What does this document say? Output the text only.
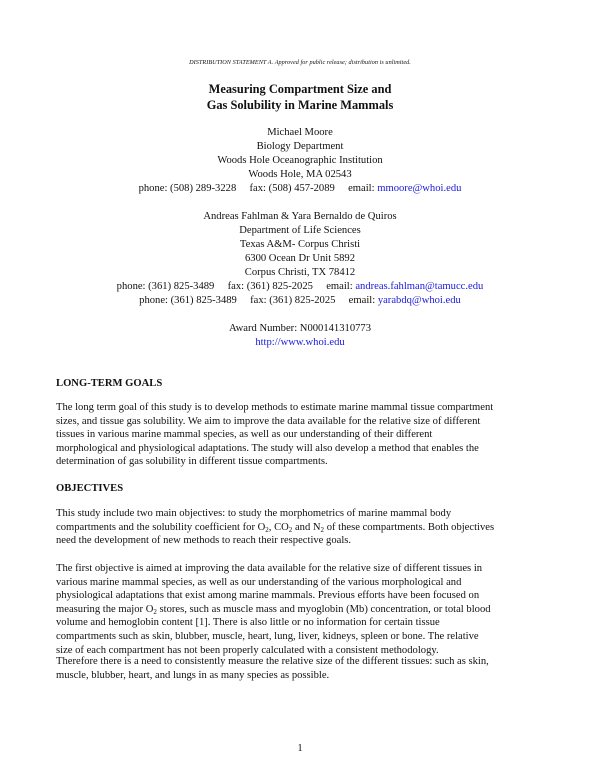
DISTRIBUTION STATEMENT A. Approved for public release; distribution is unlimited.
Measuring Compartment Size and
Gas Solubility in Marine Mammals
Michael Moore
Biology Department
Woods Hole Oceanographic Institution
Woods Hole, MA 02543
phone: (508) 289-3228 fax: (508) 457-2089 email: mmoore@whoi.edu
Andreas Fahlman & Yara Bernaldo de Quiros
Department of Life Sciences
Texas A&M- Corpus Christi
6300 Ocean Dr Unit 5892
Corpus Christi, TX 78412
phone: (361) 825-3489 fax: (361) 825-2025 email: andreas.fahlman@tamucc.edu
phone: (361) 825-3489 fax: (361) 825-2025 email: yarabdq@whoi.edu
Award Number: N000141310773
http://www.whoi.edu
LONG-TERM GOALS
The long term goal of this study is to develop methods to estimate marine mammal tissue compartment
sizes, and tissue gas solubility. We aim to improve the data available for the relative size of different
tissues in various marine mammal species, as well as our understanding of their different
morphological and physiological adaptations. The study will also develop a method that enables the
determination of gas solubility in different tissue compartments.
OBJECTIVES
This study include two main objectives: to study the morphometrics of marine mammal body
compartments and the solubility coefficient for $O_2$, $CO_2$ and $N_2$ of these compartments. Both objectives
need the development of new methods to reach their respective goals.
The first objective is aimed at improving the data available for the relative size of different tissues in
various marine mammal species, as well as our understanding of the various morphological and
physiological adaptations that exist among marine mammals. Previous efforts have been focused on
measuring the major $O_2$ stores, such as muscle mass and myoglobin (Mb) concentration, or total blood
volume and hemoglobin content [1]. There is also little or no information for certain tissue
compartments such as skin, blubber, muscle, heart, lung, liver, kidneys, spleen or bone. The relative
size of each compartment has not been properly calculated with a consistent methodology.
Therefore there is a need to consistently measure the relative size of the different tissues: such as skin,
muscle, blubber, heart, and lungs in as many species as possible.
1
